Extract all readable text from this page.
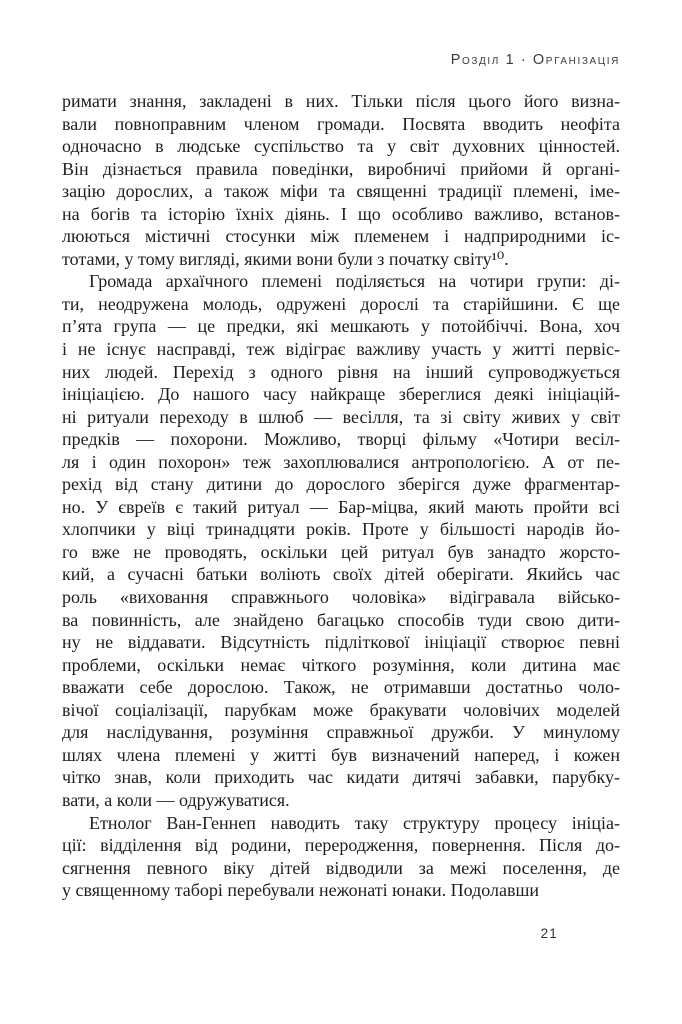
Розділ 1 · Організація
римати знання, закладені в них. Тільки після цього його визна-
вали повноправним членом громади. Посвята вводить неофіта
одночасно в людське суспільство та у світ духовних цінностей.
Він дізнається правила поведінки, виробничі прийоми й органі-
зацію дорослих, а також міфи та священні традиції племені, іме-
на богів та історію їхніх діянь. І що особливо важливо, встанов-
люються містичні стосунки між племенем і надприродними іс-
тотами, у тому вигляді, якими вони були з початку світу¹⁰.
Громада архаїчного племені поділяється на чотири групи: ді-
ти, неодружена молодь, одружені дорослі та старійшини. Є ще
п’ята група — це предки, які мешкають у потойбіччі. Вона, хоч
і не існує насправді, теж відіграє важливу участь у житті первіс-
них людей. Перехід з одного рівня на інший супроводжується
ініціацією. До нашого часу найкраще збереглися деякі ініціацій-
ні ритуали переходу в шлюб — весілля, та зі світу живих у світ
предків — похорони. Можливо, творці фільму «Чотири весіл-
ля і один похорон» теж захоплювалися антропологією. А от пе-
рехід від стану дитини до дорослого зберігся дуже фрагментар-
но. У євреїв є такий ритуал — Бар-міцва, який мають пройти всі
хлопчики у віці тринадцяти років. Проте у більшості народів йо-
го вже не проводять, оскільки цей ритуал був занадто жорсто-
кий, а сучасні батьки воліють своїх дітей оберігати. Якийсь час
роль «виховання справжнього чоловіка» відігравала військо-
ва повинність, але знайдено багацько способів туди свою дити-
ну не віддавати. Відсутність підліткової ініціації створює певні
проблеми, оскільки немає чіткого розуміння, коли дитина має
вважати себе дорослою. Також, не отримавши достатньо чоло-
вічої соціалізації, парубкам може бракувати чоловічих моделей
для наслідування, розуміння справжньої дружби. У минулому
шлях члена племені у житті був визначений наперед, і кожен
чітко знав, коли приходить час кидати дитячі забавки, парубку-
вати, а коли — одружуватися.
Етнолог Ван-Геннеп наводить таку структуру процесу ініціа-
ції: відділення від родини, переродження, повернення. Після до-
сягнення певного віку дітей відводили за межі поселення, де
у священному таборі перебували нежонаті юнаки. Подолавши
21
